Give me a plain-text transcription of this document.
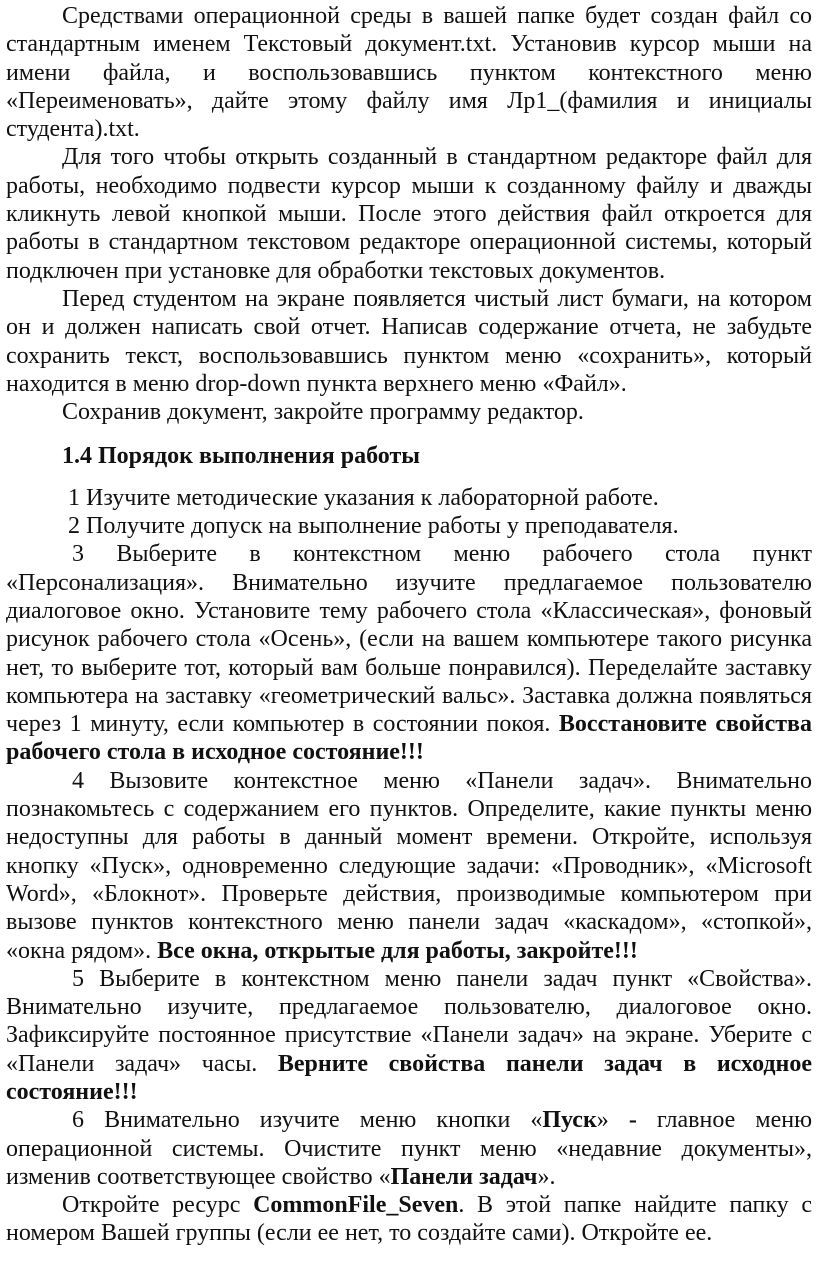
Средствами операционной среды в вашей папке будет создан файл со стандартным именем Текстовый документ.txt. Установив курсор мыши на имени файла, и воспользовавшись пунктом контекстного меню «Переименовать», дайте этому файлу имя Лр1_(фамилия и инициалы студента).txt.

Для того чтобы открыть созданный в стандартном редакторе файл для работы, необходимо подвести курсор мыши к созданному файлу и дважды кликнуть левой кнопкой мыши. После этого действия файл откроется для работы в стандартном текстовом редакторе операционной системы, который подключен при установке для обработки текстовых документов.

Перед студентом на экране появляется чистый лист бумаги, на котором он и должен написать свой отчет. Написав содержание отчета, не забудьте сохранить текст, воспользовавшись пунктом меню «сохранить», который находится в меню drop-down пункта верхнего меню «Файл».

Сохранив документ, закройте программу редактор.

1.4 Порядок выполнения работы

1 Изучите методические указания к лабораторной работе.

2 Получите допуск на выполнение работы у преподавателя.

3 Выберите в контекстном меню рабочего стола пункт «Персонализация». Внимательно изучите предлагаемое пользователю диалоговое окно. Установите тему рабочего стола «Классическая», фоновый рисунок рабочего стола «Осень», (если на вашем компьютере такого рисунка нет, то выберите тот, который вам больше понравился). Переделайте заставку компьютера на заставку «геометрический вальс». Заставка должна появляться через 1 минуту, если компьютер в состоянии покоя. Восстановите свойства рабочего стола в исходное состояние!!!

4 Вызовите контекстное меню «Панели задач». Внимательно познакомьтесь с содержанием его пунктов. Определите, какие пункты меню недоступны для работы в данный момент времени. Откройте, используя кнопку «Пуск», одновременно следующие задачи: «Проводник», «Microsoft Word», «Блокнот». Проверьте действия, производимые компьютером при вызове пунктов контекстного меню панели задач «каскадом», «стопкой», «окна рядом». Все окна, открытые для работы, закройте!!!

5 Выберите в контекстном меню панели задач пункт «Свойства». Внимательно изучите, предлагаемое пользователю, диалоговое окно. Зафиксируйте постоянное присутствие «Панели задач» на экране. Уберите с «Панели задач» часы. Верните свойства панели задач в исходное состояние!!!

6 Внимательно изучите меню кнопки «Пуск» - главное меню операционной системы. Очистите пункт меню «недавние документы», изменив соответствующее свойство «Панели задач».

Откройте ресурс CommonFile_Seven. В этой папке найдите папку с номером Вашей группы (если ее нет, то создайте сами). Откройте ее.
